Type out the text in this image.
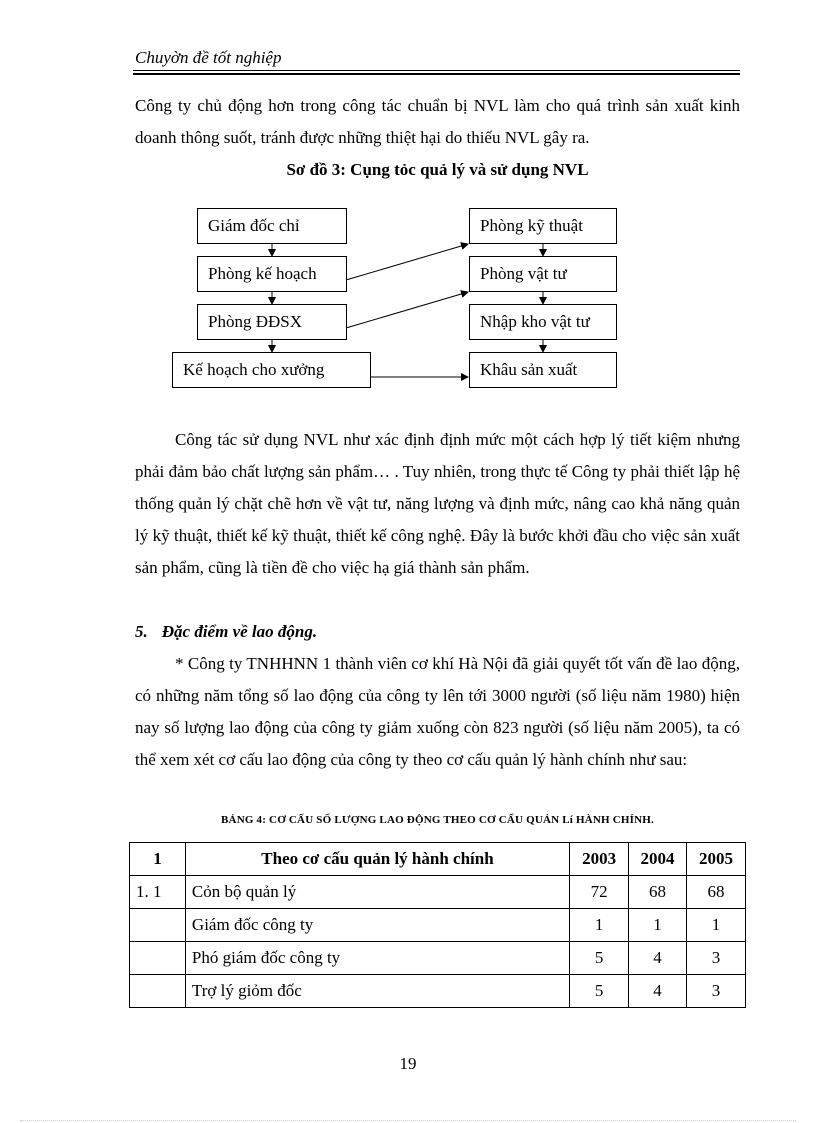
Chuyờn đề tốt nghiệp

Công ty chủ động hơn trong công tác chuẩn bị NVL làm cho quá trình sản xuất kinh doanh thông suốt, tránh được những thiệt hại do thiếu NVL gây ra.

Sơ đồ 3: Cụng tỏc quả lý và sử dụng NVL
Giám đốc chỉ
Phòng kế hoạch
Phòng ĐĐSX
Kế hoạch cho xưởng
Phòng kỹ thuật
Phòng vật tư
Nhập kho vật tư
Khâu sản xuất

Công tác sử dụng NVL như xác định định mức một cách hợp lý tiết kiệm nhưng phải đảm bảo chất lượng sản phẩm… . Tuy nhiên, trong thực tế Công ty phải thiết lập hệ thống quản lý chặt chẽ hơn về vật tư, năng lượng và định mức, nâng cao khả năng quản lý kỹ thuật, thiết kế kỹ thuật, thiết kế công nghệ. Đây là bước khởi đầu cho việc sản xuất sản phẩm, cũng là tiền đề cho việc hạ giá thành sản phẩm.

5. Đặc điểm về lao động.

* Công ty TNHHNN 1 thành viên cơ khí Hà Nội đã giải quyết tốt vấn đề lao động, có những năm tổng số lao động của công ty lên tới 3000 người (số liệu năm 1980) hiện nay số lượng lao động của công ty giảm xuống còn 823 người (số liệu năm 2005), ta có thể xem xét cơ cấu lao động của công ty theo cơ cấu quản lý hành chính như sau:

BẢNG 4: CƠ CẤU SỐ LƯỢNG LAO ĐỘNG THEO CƠ CẤU QUẢN Lí HÀNH CHÍNH.
1	Theo cơ cấu quản lý hành chính	2003	2004	2005
1. 1	Cỏn bộ quản lý	72	68	68
	Giám đốc công ty	1	1	1
	Phó giám đốc công ty	5	4	3
	Trợ lý giỏm đốc	5	4	3
19
